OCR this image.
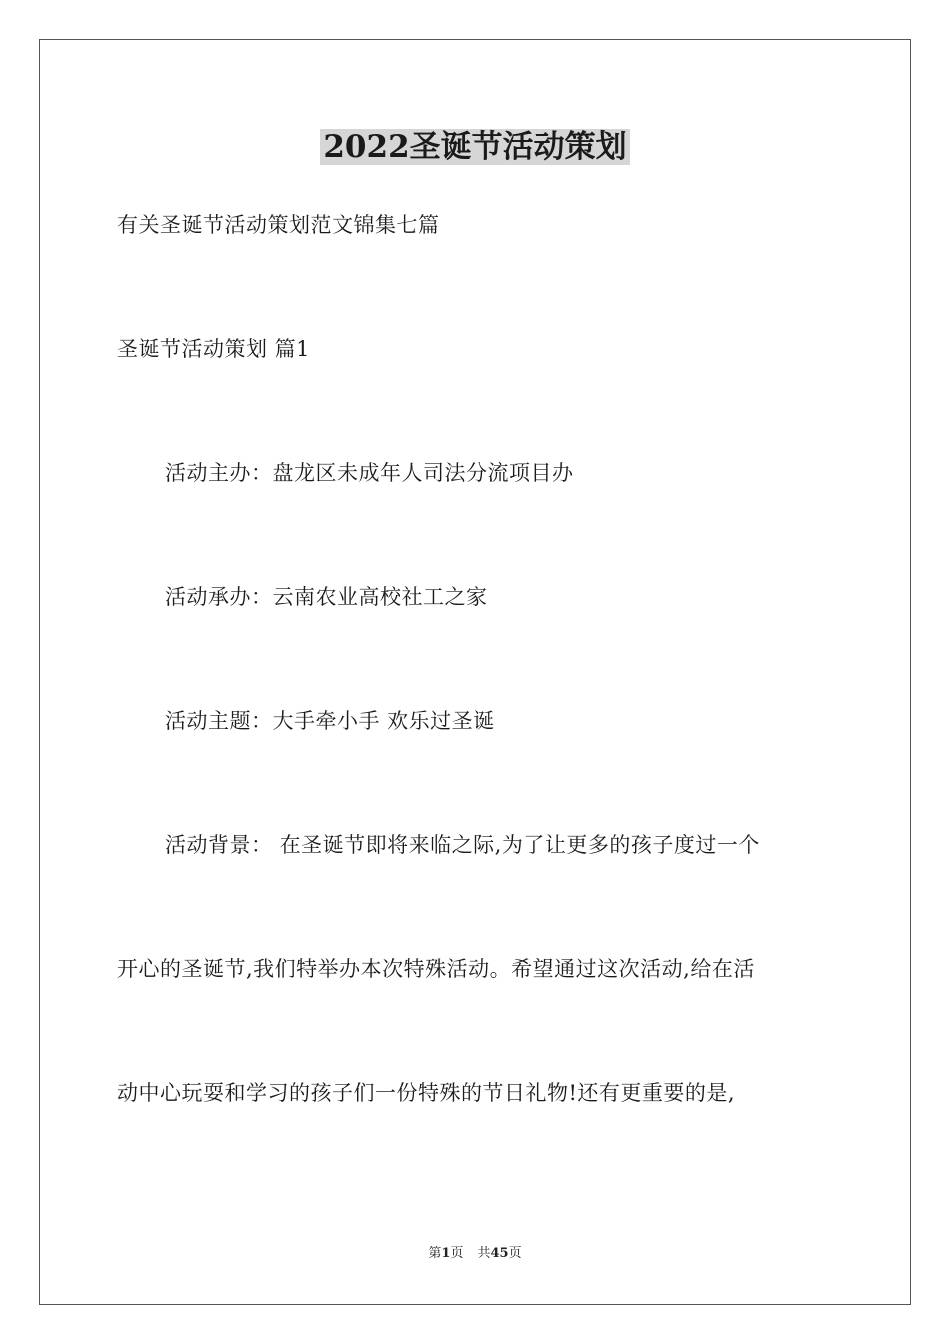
2022圣诞节活动策划
有关圣诞节活动策划范文锦集七篇
圣诞节活动策划 篇1
活动主办：盘龙区未成年人司法分流项目办
活动承办：云南农业高校社工之家
活动主题：大手牵小手 欢乐过圣诞
活动背景： 在圣诞节即将来临之际,为了让更多的孩子度过一个
开心的圣诞节,我们特举办本次特殊活动。希望通过这次活动,给在活
动中心玩耍和学习的孩子们一份特殊的节日礼物!还有更重要的是,
第1页 共45页
